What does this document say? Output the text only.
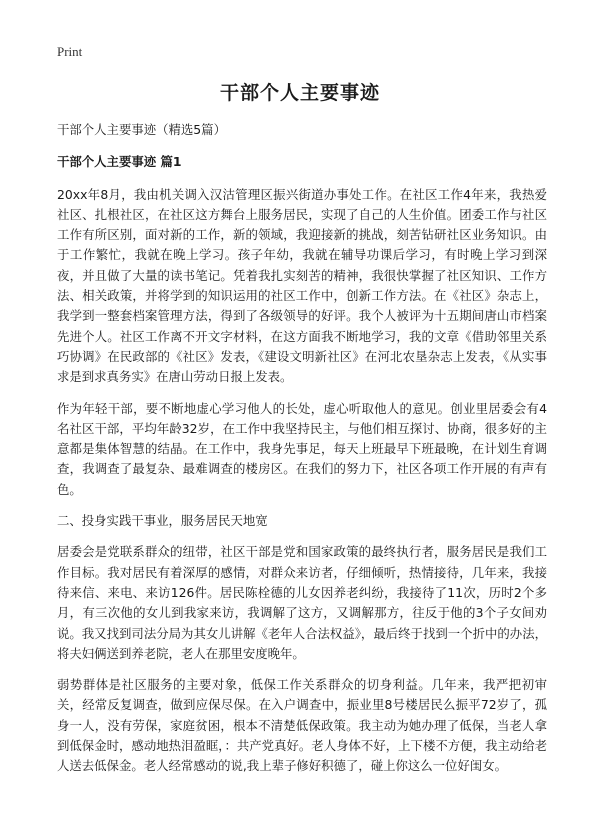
Print
干部个人主要事迹

干部个人主要事迹（精选5篇）

干部个人主要事迹 篇1

20xx年8月，我由机关调入汉沽管理区振兴街道办事处工作。在社区工作4年来，我热爱社区、扎根社区，在社区这方舞台上服务居民，实现了自己的人生价值。团委工作与社区工作有所区别，面对新的工作，新的领域，我迎接新的挑战，刻苦钻研社区业务知识。由于工作繁忙，我就在晚上学习。孩子年幼，我就在辅导功课后学习，有时晚上学习到深夜，并且做了大量的读书笔记。凭着我扎实刻苦的精神，我很快掌握了社区知识、工作方法、相关政策，并将学到的知识运用的社区工作中，创新工作方法。在《社区》杂志上，我学到一整套档案管理方法，得到了各级领导的好评。我个人被评为十五期间唐山市档案先进个人。社区工作离不开文字材料，在这方面我不断地学习，我的文章《借助邻里关系巧协调》在民政部的《社区》发表，《建设文明新社区》在河北农垦杂志上发表，《从实事求是到求真务实》在唐山劳动日报上发表。

作为年轻干部，要不断地虚心学习他人的长处，虚心听取他人的意见。创业里居委会有4名社区干部，平均年龄32岁，在工作中我坚持民主，与他们相互探讨、协商，很多好的主意都是集体智慧的结晶。在工作中，我身先事足，每天上班最早下班最晚，在计划生育调查，我调查了最复杂、最难调查的楼房区。在我们的努力下，社区各项工作开展的有声有色。

二、投身实践干事业，服务居民天地宽

居委会是党联系群众的纽带，社区干部是党和国家政策的最终执行者，服务居民是我们工作目标。我对居民有着深厚的感情，对群众来访者，仔细倾听，热情接待，几年来，我接待来信、来电、来访126件。居民陈栓德的儿女因养老纠纷，我接待了11次，历时2个多月，有三次他的女儿到我家来访，我调解了这方，又调解那方，往反于他的3个子女间劝说。我又找到司法分局为其女儿讲解《老年人合法权益》，最后终于找到一个折中的办法，将夫妇俩送到养老院，老人在那里安度晚年。

弱势群体是社区服务的主要对象，低保工作关系群众的切身利益。几年来，我严把初审关，经常反复调查，做到应保尽保。在入户调查中，振业里8号楼居民么振平72岁了，孤身一人，没有劳保，家庭贫困，根本不清楚低保政策。我主动为她办理了低保，当老人拿到低保金时，感动地热泪盈眶，：共产党真好。老人身体不好，上下楼不方便，我主动给老人送去低保金。老人经常感动的说,我上辈子修好积德了，碰上你这么一位好闺女。
